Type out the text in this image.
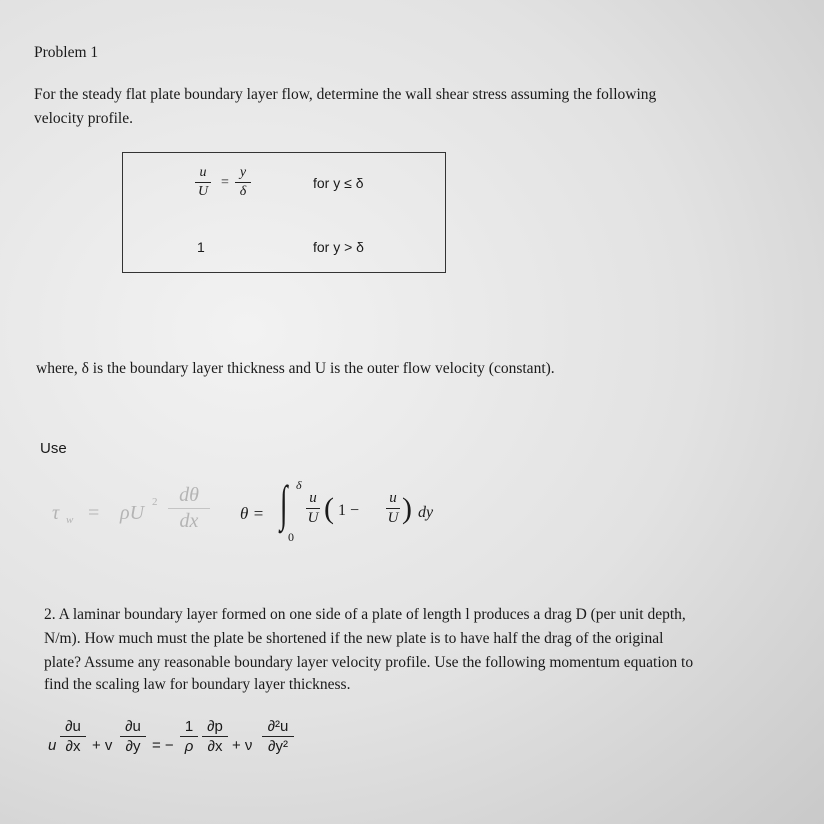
Problem 1
For the steady flat plate boundary layer flow, determine the wall shear stress assuming the following
velocity profile.
u
U
=
y
δ
for y ≤ δ
1	for y > δ
where, δ is the boundary layer thickness and U is the outer flow velocity (constant).
Use
τ w = ρU 2 dθ
dx θ = ∫ δ
0
u
U ( 1 −
u
U ) dy
2. A laminar boundary layer formed on one side of a plate of length l produces a drag D (per unit depth,
N/m). How much must the plate be shortened if the new plate is to have half the drag of the original
plate? Assume any reasonable boundary layer velocity profile. Use the following momentum equation to
find the scaling law for boundary layer thickness.
u
∂u
∂x + v
∂u
∂y = −
1
ρ
∂p
∂x + ν
∂²u
∂y²
